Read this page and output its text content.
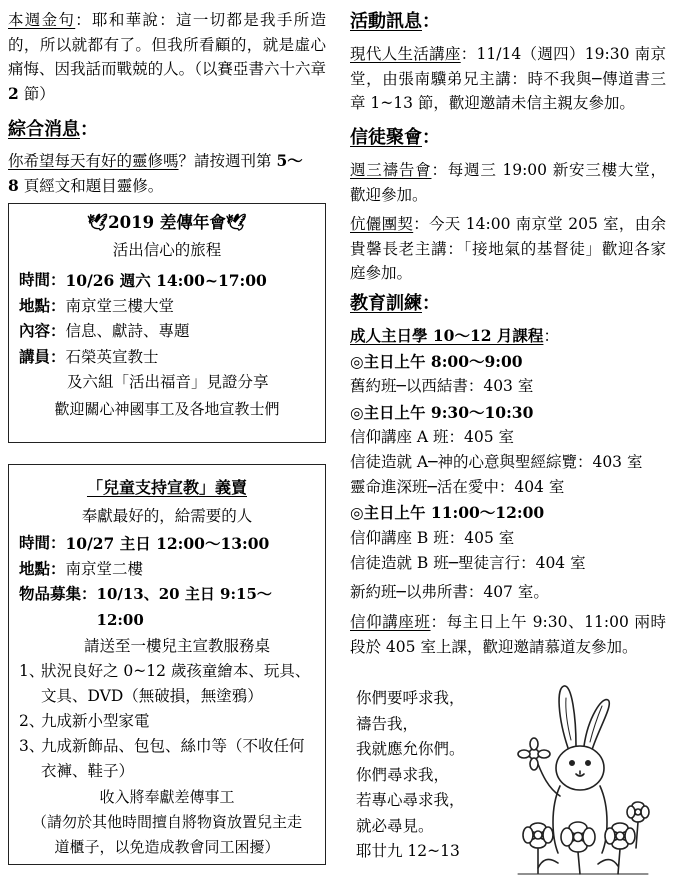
本週金句：耶和華說：這一切都是我手所造的，所以就都有了。但我所看顧的，就是虛心痛悔、因我話而戰兢的人。（以賽亞書六十六章 2 節）
綜合消息：
你希望每天有好的靈修嗎？請按週刊第 5～
8 頁經文和題目靈修。
🕊2019 差傳年會🕊
活出信心的旅程
時間： 10/26 週六 14:00~17:00
地點： 南京堂三樓大堂
內容： 信息、獻詩、專題
講員： 石榮英宣教士
及六組「活出福音」見證分享
歡迎關心神國事工及各地宣教士們
「兒童支持宣教」義賣
奉獻最好的，給需要的人
時間： 10/27 主日 12:00～13:00
地點： 南京堂二樓
物品募集： 10/13、20 主日 9:15～12:00
請送至一樓兒主宣教服務桌
1、
狀況良好之 0~12 歲孩童繪本、玩具、文具、DVD（無破損，無塗鴉）
2、
九成新小型家電
3、
九成新飾品、包包、絲巾等（不收任何衣褲、鞋子）
收入將奉獻差傳事工
（請勿於其他時間擅自將物資放置兒主走道櫃子，以免造成教會同工困擾）
活動訊息：
現代人生活講座：11/14（週四）19:30 南京堂，由張南驥弟兄主講：時不我與─傳道書三章 1~13 節，歡迎邀請未信主親友參加。
信徒聚會：
週三禱告會：每週三 19:00 新安三樓大堂，歡迎參加。
伉儷團契：今天 14:00 南京堂 205 室，由余貴馨長老主講：「接地氣的基督徒」歡迎各家庭參加。
教育訓練：
成人主日學 10～12 月課程：
◎主日上午 8:00～9:00
舊約班─以西結書：403 室
◎主日上午 9:30～10:30
信仰講座 A 班：405 室
信徒造就 A─神的心意與聖經綜覽：403 室
靈命進深班─活在愛中：404 室
◎主日上午 11:00～12:00
信仰講座 B 班：405 室
信徒造就 B 班─聖徒言行：404 室
新約班─以弗所書：407 室。
信仰講座班：每主日上午 9:30、11:00 兩時段於 405 室上課，歡迎邀請慕道友參加。
你們要呼求我，
禱告我，
我就應允你們。
你們尋求我，
若專心尋求我，
就必尋見。
耶廿九 12~13
